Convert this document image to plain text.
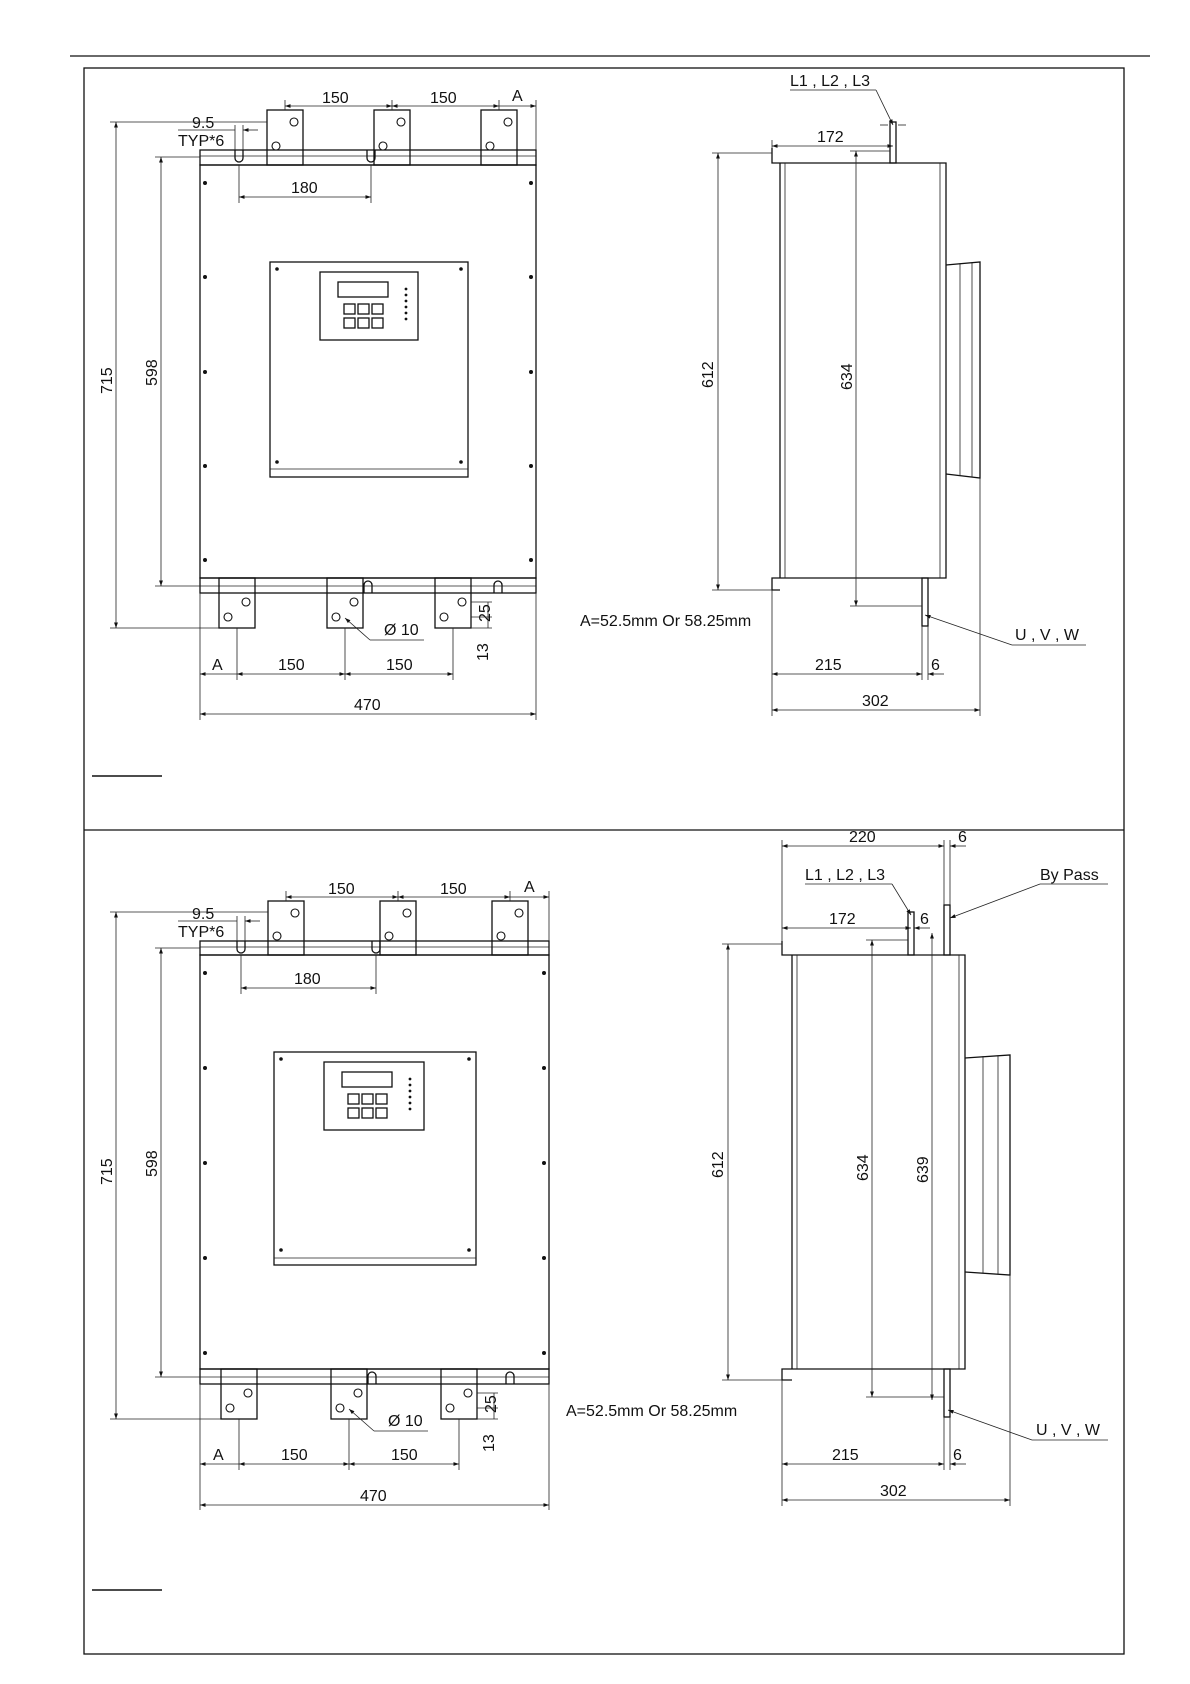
150	150	A
9.5
TYP*6
180
715 598
A	150	150
Ø 10
25
13
470
A=52.5mm Or 58.25mm
L1 , L2 , L3
172
612	634
U , V , W
215	6
302
150	150	A
9.5
TYP*6
180
715 598
A	150	150
Ø 10
25
13
470
A=52.5mm Or 58.25mm
220	6
L1 , L2 , L3	By Pass
172	6
612	634	639
U , V , W
215	6
302
